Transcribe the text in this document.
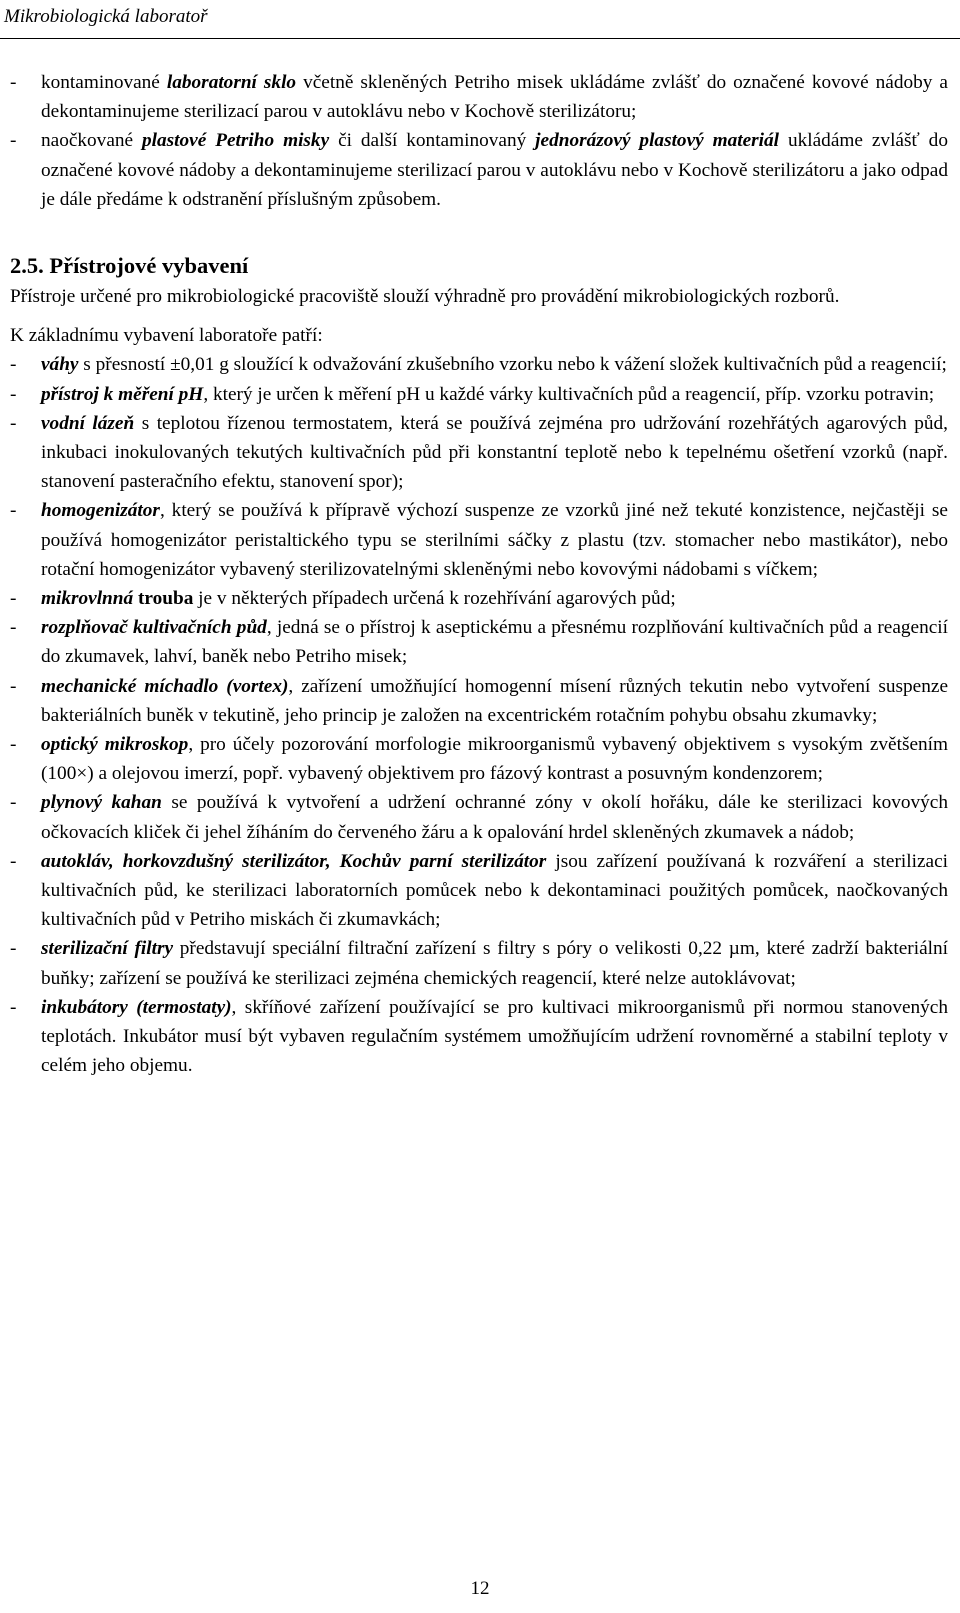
Mikrobiologická laboratoř
- kontaminované laboratorní sklo včetně skleněných Petriho misek ukládáme zvlášť do označené kovové nádoby a dekontaminujeme sterilizací parou v autoklávu nebo v Kochově sterilizátoru;
- naočkované plastové Petriho misky či další kontaminovaný jednorázový plastový materiál ukládáme zvlášť do označené kovové nádoby a dekontaminujeme sterilizací parou v autoklávu nebo v Kochově sterilizátoru a jako odpad je dále předáme k odstranění příslušným způsobem.
2.5. Přístrojové vybavení
Přístroje určené pro mikrobiologické pracoviště slouží výhradně pro provádění mikrobiologických rozborů.
K základnímu vybavení laboratoře patří:
- váhy s přesností ±0,01 g sloužící k odvažování zkušebního vzorku nebo k vážení složek kultivačních půd a reagencií;
- přístroj k měření pH, který je určen k měření pH u každé várky kultivačních půd a reagencií, příp. vzorku potravin;
- vodní lázeň s teplotou řízenou termostatem, která se používá zejména pro udržování rozehřátých agarových půd, inkubaci inokulovaných tekutých kultivačních půd při konstantní teplotě nebo k tepelnému ošetření vzorků (např. stanovení pasteračního efektu, stanovení spor);
- homogenizátor, který se používá k přípravě výchozí suspenze ze vzorků jiné než tekuté konzistence, nejčastěji se používá homogenizátor peristaltického typu se sterilními sáčky z plastu (tzv. stomacher nebo mastikátor), nebo rotační homogenizátor vybavený sterilizovatelnými skleněnými nebo kovovými nádobami s víčkem;
- mikrovlnná trouba je v některých případech určená k rozehřívání agarových půd;
- rozplňovač kultivačních půd, jedná se o přístroj k aseptickému a přesnému rozplňování kultivačních půd a reagencií do zkumavek, lahví, baněk nebo Petriho misek;
- mechanické míchadlo (vortex), zařízení umožňující homogenní mísení různých tekutin nebo vytvoření suspenze bakteriálních buněk v tekutině, jeho princip je založen na excentrickém rotačním pohybu obsahu zkumavky;
- optický mikroskop, pro účely pozorování morfologie mikroorganismů vybavený objektivem s vysokým zvětšením (100×) a olejovou imerzí, popř. vybavený objektivem pro fázový kontrast a posuvným kondenzorem;
- plynový kahan se používá k vytvoření a udržení ochranné zóny v okolí hořáku, dále ke sterilizaci kovových očkovacích kliček či jehel žíháním do červeného žáru a k opalování hrdel skleněných zkumavek a nádob;
- autokláv, horkovzdušný sterilizátor, Kochův parní sterilizátor jsou zařízení používaná k rozváření a sterilizaci kultivačních půd, ke sterilizaci laboratorních pomůcek nebo k dekontaminaci použitých pomůcek, naočkovaných kultivačních půd v Petriho miskách či zkumavkách;
- sterilizační filtry představují speciální filtrační zařízení s filtry s póry o velikosti 0,22 µm, které zadrží bakteriální buňky; zařízení se používá ke sterilizaci zejména chemických reagencií, které nelze autoklávovat;
- inkubátory (termostaty), skříňové zařízení používající se pro kultivaci mikroorganismů při normou stanovených teplotách. Inkubátor musí být vybaven regulačním systémem umožňujícím udržení rovnoměrné a stabilní teploty v celém jeho objemu.
12
